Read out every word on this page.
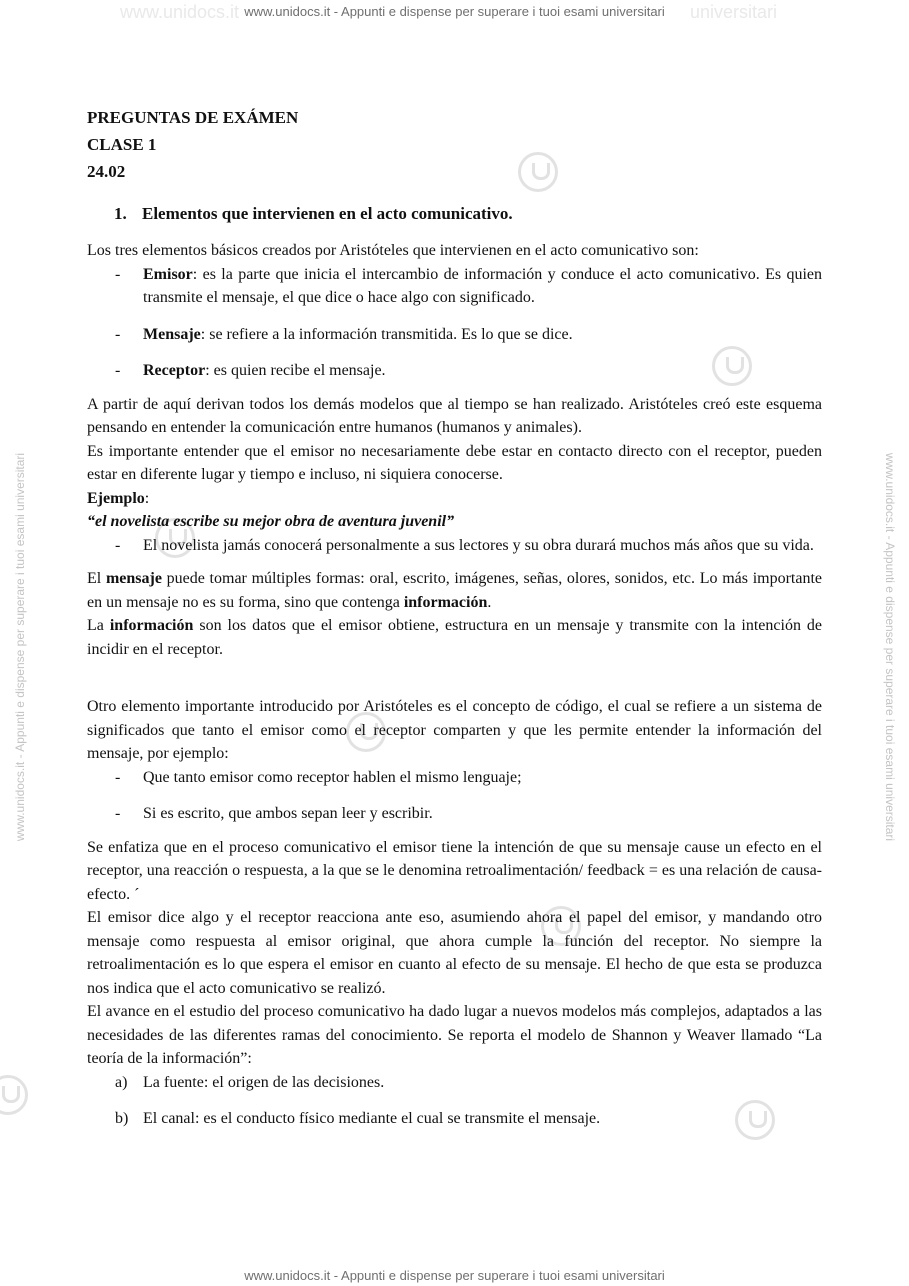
www.unidocs.it	universitari
www.unidocs.it - Appunti e dispense per superare i tuoi esami universitari
www.unidocs.it - Appunti e dispense per superare i tuoi esami universitari
www.unidocs.it - Appunti e dispense per superare i tuoi esami universitari	www.unidocs.it - Appunti e dispense per superare i tuoi esami universitari

PREGUNTAS DE EXÁMEN

CLASE 1

24.02

1. Elementos que intervienen en el acto comunicativo.

Los tres elementos básicos creados por Aristóteles que intervienen en el acto comunicativo son:

- Emisor: es la parte que inicia el intercambio de información y conduce el acto comunicativo. Es quien transmite el mensaje, el que dice o hace algo con significado.
- Mensaje: se refiere a la información transmitida. Es lo que se dice.
- Receptor: es quien recibe el mensaje.

A partir de aquí derivan todos los demás modelos que al tiempo se han realizado. Aristóteles creó este esquema pensando en entender la comunicación entre humanos (humanos y animales).

Es importante entender que el emisor no necesariamente debe estar en contacto directo con el receptor, pueden estar en diferente lugar y tiempo e incluso, ni siquiera conocerse.

Ejemplo:

“el novelista escribe su mejor obra de aventura juvenil”

- El novelista jamás conocerá personalmente a sus lectores y su obra durará muchos más años que su vida.

El mensaje puede tomar múltiples formas: oral, escrito, imágenes, señas, olores, sonidos, etc. Lo más importante en un mensaje no es su forma, sino que contenga información.

La información son los datos que el emisor obtiene, estructura en un mensaje y transmite con la intención de incidir en el receptor.

Otro elemento importante introducido por Aristóteles es el concepto de código, el cual se refiere a un sistema de significados que tanto el emisor como el receptor comparten y que les permite entender la información del mensaje, por ejemplo:

- Que tanto emisor como receptor hablen el mismo lenguaje;
- Si es escrito, que ambos sepan leer y escribir.

Se enfatiza que en el proceso comunicativo el emisor tiene la intención de que su mensaje cause un efecto en el receptor, una reacción o respuesta, a la que se le denomina retroalimentación/ feedback = es una relación de causa-efecto. ´

El emisor dice algo y el receptor reacciona ante eso, asumiendo ahora el papel del emisor, y mandando otro mensaje como respuesta al emisor original, que ahora cumple la función del receptor. No siempre la retroalimentación es lo que espera el emisor en cuanto al efecto de su mensaje. El hecho de que esta se produzca nos indica que el acto comunicativo se realizó.

El avance en el estudio del proceso comunicativo ha dado lugar a nuevos modelos más complejos, adaptados a las necesidades de las diferentes ramas del conocimiento. Se reporta el modelo de Shannon y Weaver llamado “La teoría de la información”:

a) La fuente: el origen de las decisiones.
b) El canal: es el conducto físico mediante el cual se transmite el mensaje.
